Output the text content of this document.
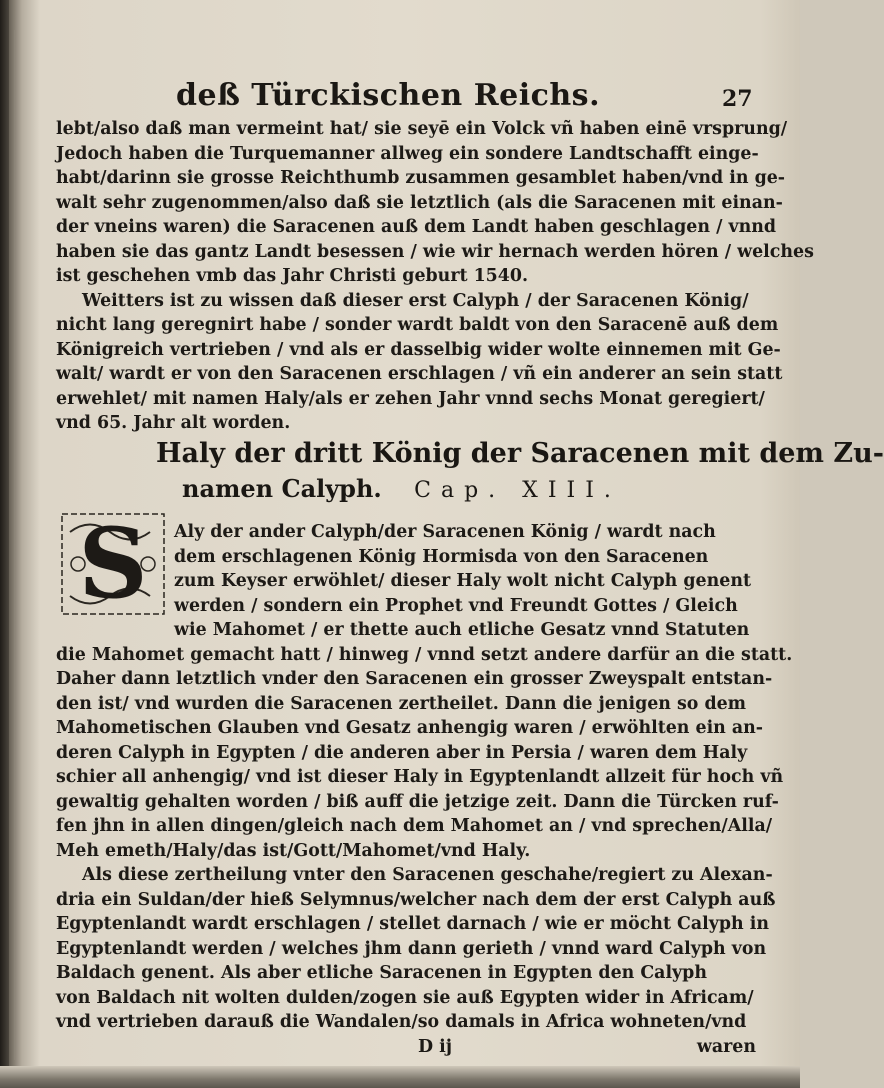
deß Türckischen Reichs.	27
lebt/also daß man vermeint hat/ sie seyē ein Volck vñ haben einē vrsprung/
Jedoch haben die Turquemanner allweg ein sondere Landtschafft einge-
habt/darinn sie grosse Reichthumb zusammen gesamblet haben/vnd in ge-
walt sehr zugenommen/also daß sie letztlich (als die Saracenen mit einan-
der vneins waren) die Saracenen auß dem Landt haben geschlagen / vnnd
haben sie das gantz Landt besessen / wie wir hernach werden hören / welches
ist geschehen vmb das Jahr Christi geburt 1540.
Weitters ist zu wissen daß dieser erst Calyph / der Saracenen König/
nicht lang geregnirt habe / sonder wardt baldt von den Saracenē auß dem
Königreich vertrieben / vnd als er dasselbig wider wolte einnemen mit Ge-
walt/ wardt er von den Saracenen erschlagen / vñ ein anderer an sein statt
erwehlet/ mit namen Haly/als er zehen Jahr vnnd sechs Monat geregiert/
vnd 65. Jahr alt worden.
Haly der dritt König der Saracenen mit dem Zu-
namen Calyph. Cap. XIII.
S	Aly der ander Calyph/der Saracenen König / wardt nach
dem erschlagenen König Hormisda von den Saracenen
zum Keyser erwöhlet/ dieser Haly wolt nicht Calyph genent
werden / sondern ein Prophet vnd Freundt Gottes / Gleich
wie Mahomet / er thette auch etliche Gesatz vnnd Statuten
die Mahomet gemacht hatt / hinweg / vnnd setzt andere darfür an die statt.
Daher dann letztlich vnder den Saracenen ein grosser Zweyspalt entstan-
den ist/ vnd wurden die Saracenen zertheilet. Dann die jenigen so dem
Mahometischen Glauben vnd Gesatz anhengig waren / erwöhlten ein an-
deren Calyph in Egypten / die anderen aber in Persia / waren dem Haly
schier all anhengig/ vnd ist dieser Haly in Egyptenlandt allzeit für hoch vñ
gewaltig gehalten worden / biß auff die jetzige zeit. Dann die Türcken ruf-
fen jhn in allen dingen/gleich nach dem Mahomet an / vnd sprechen/Alla/
Meh emeth/Haly/das ist/Gott/Mahomet/vnd Haly.
Als diese zertheilung vnter den Saracenen geschahe/regiert zu Alexan-
dria ein Suldan/der hieß Selymnus/welcher nach dem der erst Calyph auß
Egyptenlandt wardt erschlagen / stellet darnach / wie er möcht Calyph in
Egyptenlandt werden / welches jhm dann gerieth / vnnd ward Calyph von
Baldach genent. Als aber etliche Saracenen in Egypten den Calyph
von Baldach nit wolten dulden/zogen sie auß Egypten wider in Africam/
vnd vertrieben darauß die Wandalen/so damals in Africa wohneten/vnd
D ij	waren
